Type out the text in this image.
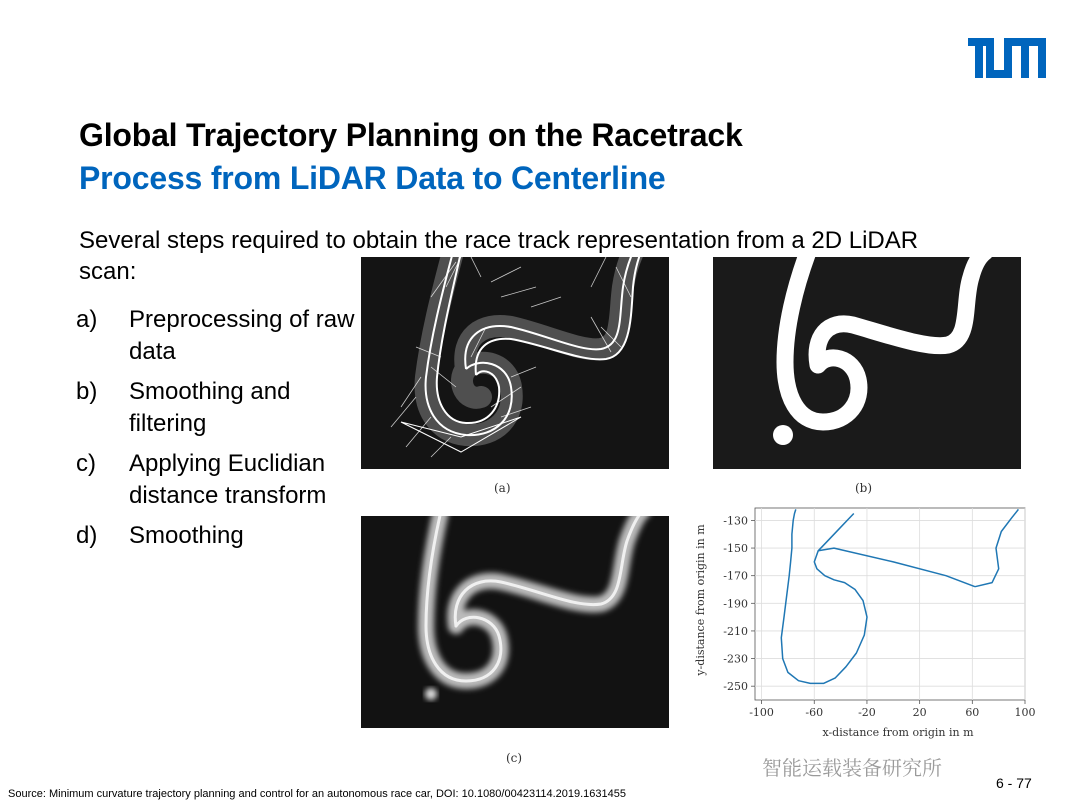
Global Trajectory Planning on the Racetrack
Process from LiDAR Data to Centerline
Several steps required to obtain the race track representation from a 2D LiDAR scan:
a) Preprocessing of raw data
b) Smoothing and filtering
c) Applying Euclidian distance transform
d) Smoothing
(a)	(b)
(c)
-100	-60	-20	20	60	100
-130
-150
-170
-190
-210
-230
-250
y-distance from origin in m
x-distance from origin in m
Source: Minimum curvature trajectory planning and control for an autonomous race car, DOI: 10.1080/00423114.2019.1631455
智能运载装备研究所
6 - 77
